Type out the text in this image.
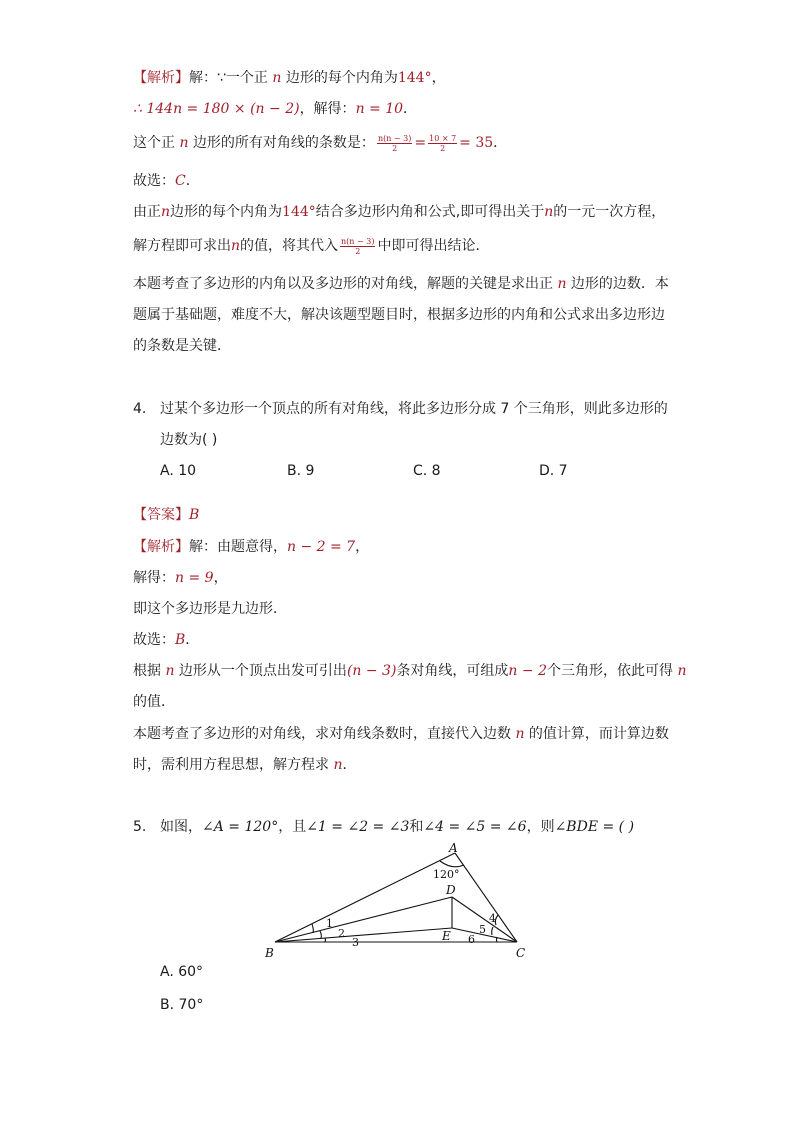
【解析】解：∵一个正 n 边形的每个内角为144°，
∴ 144n = 180 × (n − 2)，解得：n = 10．
这个正 n 边形的所有对角线的条数是： $\frac{n(n - 3)}{2} = \frac{10 \times 7}{2} = 35$．
故选：C．
由正n边形的每个内角为144°结合多边形内角和公式,即可得出关于n的一元一次方程，
解方程即可求出n的值，将其代入 $\frac{n(n - 3)}{2}$ 中即可得出结论．
本题考查了多边形的内角以及多边形的对角线，解题的关键是求出正 n 边形的边数．本
题属于基础题，难度不大，解决该题型题目时，根据多边形的内角和公式求出多边形边
的条数是关键．
4. 过某个多边形一个顶点的所有对角线，将此多边形分成 7 个三角形，则此多边形的
边数为( )
A. 10	B. 9	C. 8	D. 7
【答案】B
【解析】解：由题意得，n − 2 = 7，
解得：n = 9，
即这个多边形是九边形．
故选：B．
根据 n 边形从一个顶点出发可引出(n − 3)条对角线，可组成n − 2个三角形，依此可得 n
的值．
本题考查了多边形的对角线，求对角线条数时，直接代入边数 n 的值计算，而计算边数
时，需利用方程思想，解方程求 n．
5. 如图，∠A = 120°，且∠1 = ∠2 = ∠3和∠4 = ∠5 = ∠6，则∠BDE = ( )
A
B	C
D
E
120°
1
2
3
4
5
6
A. 60°
B. 70°
